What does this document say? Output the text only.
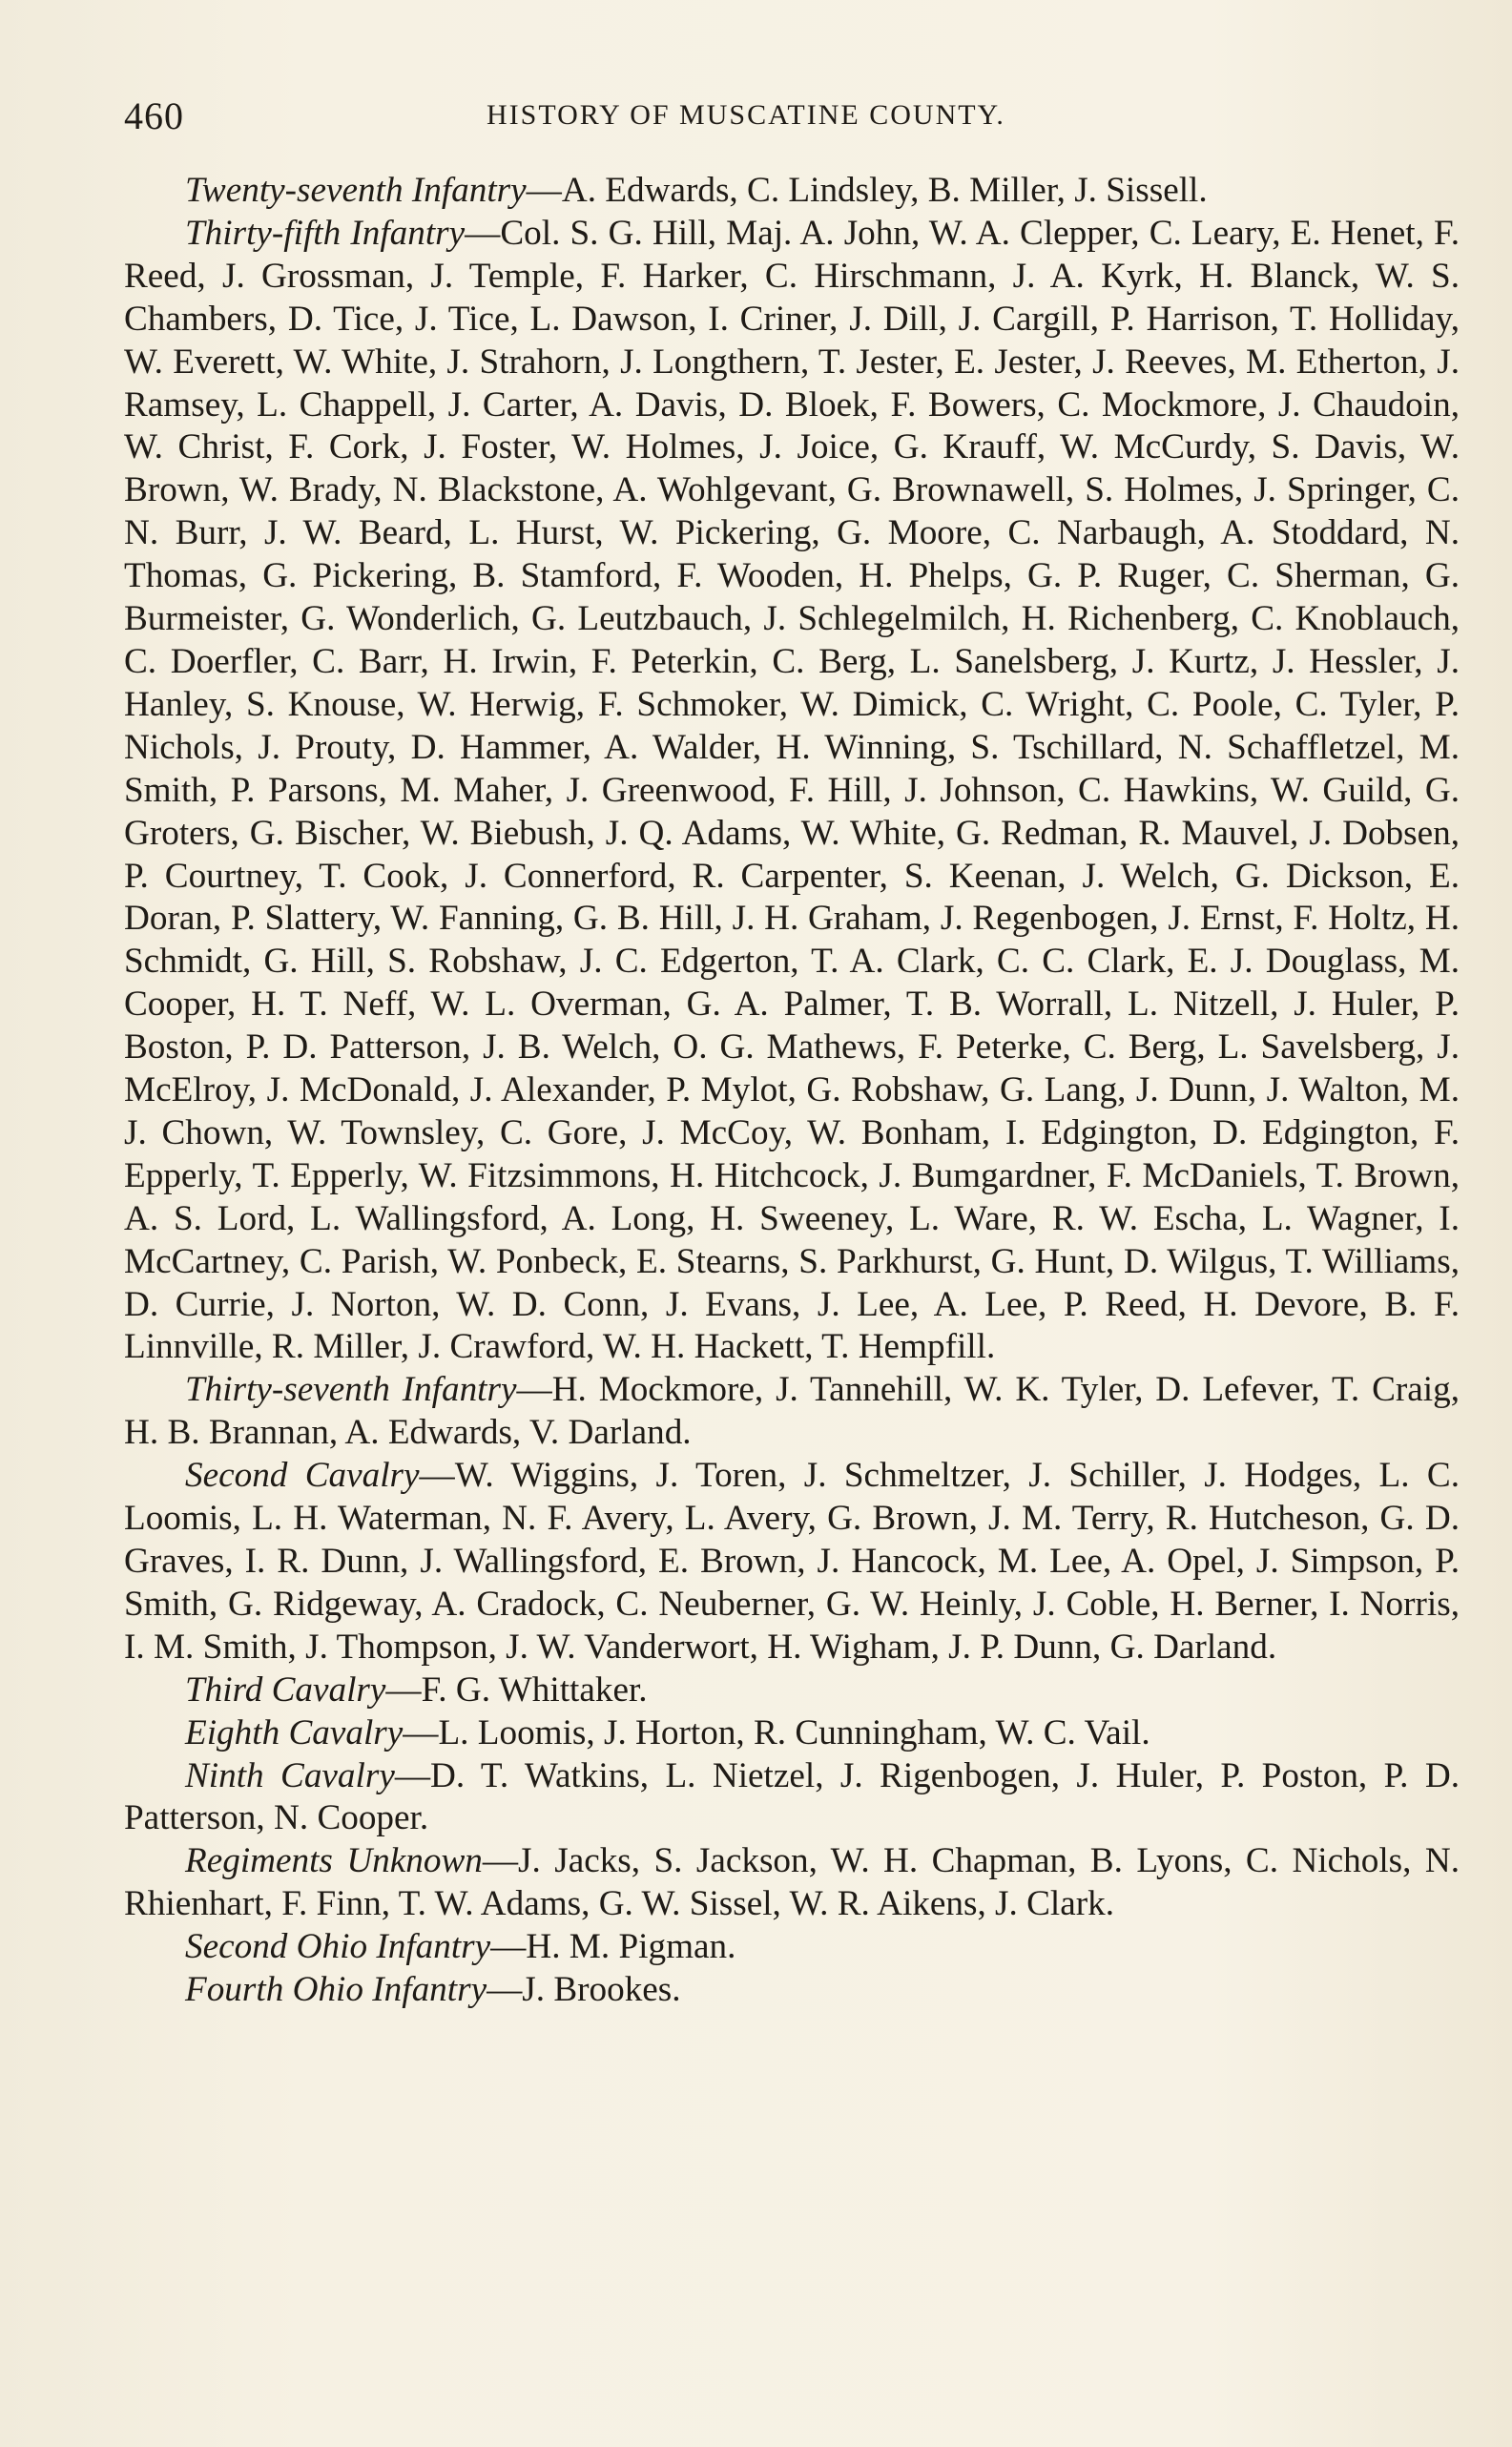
460	HISTORY OF MUSCATINE COUNTY.

Twenty-seventh Infantry—A. Edwards, C. Lindsley, B. Miller, J. Sissell.

Thirty-fifth Infantry—Col. S. G. Hill, Maj. A. John, W. A. Clepper, C. Leary, E. Henet, F. Reed, J. Grossman, J. Temple, F. Harker, C. Hirschmann, J. A. Kyrk, H. Blanck, W. S. Chambers, D. Tice, J. Tice, L. Dawson, I. Criner, J. Dill, J. Cargill, P. Harrison, T. Holliday, W. Everett, W. White, J. Strahorn, J. Longthern, T. Jester, E. Jester, J. Reeves, M. Etherton, J. Ramsey, L. Chappell, J. Carter, A. Davis, D. Bloek, F. Bowers, C. Mockmore, J. Chaudoin, W. Christ, F. Cork, J. Foster, W. Holmes, J. Joice, G. Krauff, W. McCurdy, S. Davis, W. Brown, W. Brady, N. Blackstone, A. Wohlgevant, G. Brownawell, S. Holmes, J. Springer, C. N. Burr, J. W. Beard, L. Hurst, W. Pickering, G. Moore, C. Narbaugh, A. Stoddard, N. Thomas, G. Pickering, B. Stamford, F. Wooden, H. Phelps, G. P. Ruger, C. Sherman, G. Burmeister, G. Wonderlich, G. Leutzbauch, J. Schlegelmilch, H. Richenberg, C. Knoblauch, C. Doerfler, C. Barr, H. Irwin, F. Peterkin, C. Berg, L. Sanelsberg, J. Kurtz, J. Hessler, J. Hanley, S. Knouse, W. Herwig, F. Schmoker, W. Dimick, C. Wright, C. Poole, C. Tyler, P. Nichols, J. Prouty, D. Hammer, A. Walder, H. Winning, S. Tschillard, N. Schaffletzel, M. Smith, P. Parsons, M. Maher, J. Greenwood, F. Hill, J. Johnson, C. Hawkins, W. Guild, G. Groters, G. Bischer, W. Biebush, J. Q. Adams, W. White, G. Redman, R. Mauvel, J. Dobsen, P. Courtney, T. Cook, J. Connerford, R. Carpenter, S. Keenan, J. Welch, G. Dickson, E. Doran, P. Slattery, W. Fanning, G. B. Hill, J. H. Graham, J. Regenbogen, J. Ernst, F. Holtz, H. Schmidt, G. Hill, S. Robshaw, J. C. Edgerton, T. A. Clark, C. C. Clark, E. J. Douglass, M. Cooper, H. T. Neff, W. L. Overman, G. A. Palmer, T. B. Worrall, L. Nitzell, J. Huler, P. Boston, P. D. Patterson, J. B. Welch, O. G. Mathews, F. Peterke, C. Berg, L. Savelsberg, J. McElroy, J. McDonald, J. Alexander, P. Mylot, G. Robshaw, G. Lang, J. Dunn, J. Walton, M. J. Chown, W. Townsley, C. Gore, J. McCoy, W. Bonham, I. Edgington, D. Edgington, F. Epperly, T. Epperly, W. Fitzsimmons, H. Hitchcock, J. Bumgardner, F. McDaniels, T. Brown, A. S. Lord, L. Wallingsford, A. Long, H. Sweeney, L. Ware, R. W. Escha, L. Wagner, I. McCartney, C. Parish, W. Ponbeck, E. Stearns, S. Parkhurst, G. Hunt, D. Wilgus, T. Williams, D. Currie, J. Norton, W. D. Conn, J. Evans, J. Lee, A. Lee, P. Reed, H. Devore, B. F. Linnville, R. Miller, J. Crawford, W. H. Hackett, T. Hempfill.

Thirty-seventh Infantry—H. Mockmore, J. Tannehill, W. K. Tyler, D. Lefever, T. Craig, H. B. Brannan, A. Edwards, V. Darland.

Second Cavalry—W. Wiggins, J. Toren, J. Schmeltzer, J. Schiller, J. Hodges, L. C. Loomis, L. H. Waterman, N. F. Avery, L. Avery, G. Brown, J. M. Terry, R. Hutcheson, G. D. Graves, I. R. Dunn, J. Wallingsford, E. Brown, J. Hancock, M. Lee, A. Opel, J. Simpson, P. Smith, G. Ridgeway, A. Cradock, C. Neuberner, G. W. Heinly, J. Coble, H. Berner, I. Norris, I. M. Smith, J. Thompson, J. W. Vanderwort, H. Wigham, J. P. Dunn, G. Darland.

Third Cavalry—F. G. Whittaker.

Eighth Cavalry—L. Loomis, J. Horton, R. Cunningham, W. C. Vail.

Ninth Cavalry—D. T. Watkins, L. Nietzel, J. Rigenbogen, J. Huler, P. Poston, P. D. Patterson, N. Cooper.

Regiments Unknown—J. Jacks, S. Jackson, W. H. Chapman, B. Lyons, C. Nichols, N. Rhienhart, F. Finn, T. W. Adams, G. W. Sissel, W. R. Aikens, J. Clark.

Second Ohio Infantry—H. M. Pigman.

Fourth Ohio Infantry—J. Brookes.
